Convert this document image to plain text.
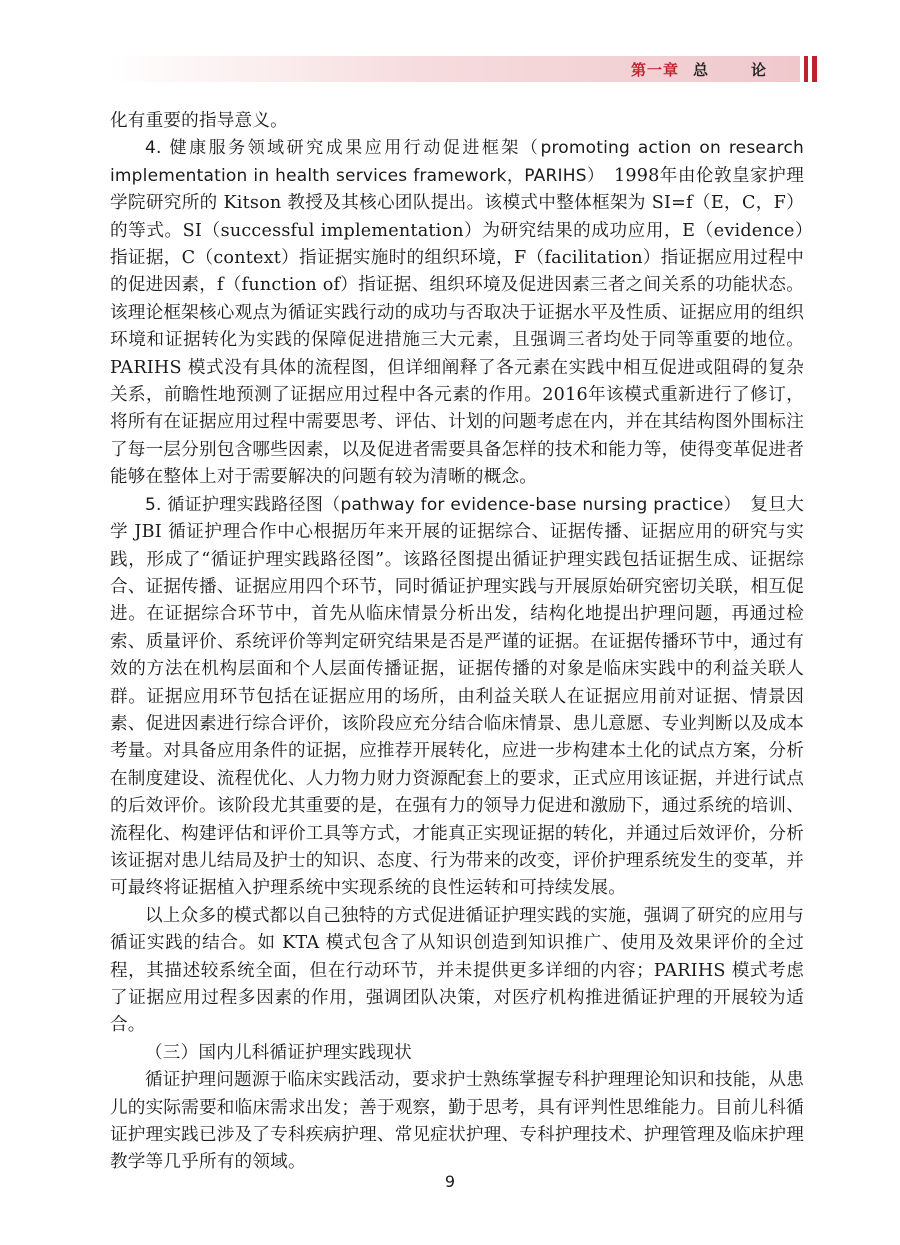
第一章 总　论

化有重要的指导意义。

4. 健康服务领域研究成果应用行动促进框架（promoting action on research implementation in health services framework，PARIHS）　 1998年由伦敦皇家护理学院研究所的 Kitson 教授及其核心团队提出。该模式中整体框架为 SI=f（E，C，F）的等式。SI（successful implementation）为研究结果的成功应用，E（evidence）指证据，C（context）指证据实施时的组织环境，F（facilitation）指证据应用过程中的促进因素，f（function of）指证据、组织环境及促进因素三者之间关系的功能状态。该理论框架核心观点为循证实践行动的成功与否取决于证据水平及性质、证据应用的组织环境和证据转化为实践的保障促进措施三大元素，且强调三者均处于同等重要的地位。PARIHS 模式没有具体的流程图，但详细阐释了各元素在实践中相互促进或阻碍的复杂关系，前瞻性地预测了证据应用过程中各元素的作用。2016年该模式重新进行了修订，将所有在证据应用过程中需要思考、评估、计划的问题考虑在内，并在其结构图外围标注了每一层分别包含哪些因素，以及促进者需要具备怎样的技术和能力等，使得变革促进者能够在整体上对于需要解决的问题有较为清晰的概念。

5. 循证护理实践路径图（pathway for evidence-base nursing practice）　 复旦大学 JBI 循证护理合作中心根据历年来开展的证据综合、证据传播、证据应用的研究与实践，形成了“循证护理实践路径图”。该路径图提出循证护理实践包括证据生成、证据综合、证据传播、证据应用四个环节，同时循证护理实践与开展原始研究密切关联，相互促进。在证据综合环节中，首先从临床情景分析出发，结构化地提出护理问题，再通过检索、质量评价、系统评价等判定研究结果是否是严谨的证据。在证据传播环节中，通过有效的方法在机构层面和个人层面传播证据，证据传播的对象是临床实践中的利益关联人群。证据应用环节包括在证据应用的场所，由利益关联人在证据应用前对证据、情景因素、促进因素进行综合评价，该阶段应充分结合临床情景、患儿意愿、专业判断以及成本考量。对具备应用条件的证据，应推荐开展转化，应进一步构建本土化的试点方案，分析在制度建设、流程优化、人力物力财力资源配套上的要求，正式应用该证据，并进行试点的后效评价。该阶段尤其重要的是，在强有力的领导力促进和激励下，通过系统的培训、流程化、构建评估和评价工具等方式，才能真正实现证据的转化，并通过后效评价，分析该证据对患儿结局及护士的知识、态度、行为带来的改变，评价护理系统发生的变革，并可最终将证据植入护理系统中实现系统的良性运转和可持续发展。

以上众多的模式都以自己独特的方式促进循证护理实践的实施，强调了研究的应用与循证实践的结合。如 KTA 模式包含了从知识创造到知识推广、使用及效果评价的全过程，其描述较系统全面，但在行动环节，并未提供更多详细的内容；PARIHS 模式考虑了证据应用过程多因素的作用，强调团队决策，对医疗机构推进循证护理的开展较为适合。

（三）国内儿科循证护理实践现状

循证护理问题源于临床实践活动，要求护士熟练掌握专科护理理论知识和技能，从患儿的实际需要和临床需求出发；善于观察，勤于思考，具有评判性思维能力。目前儿科循证护理实践已涉及了专科疾病护理、常见症状护理、专科护理技术、护理管理及临床护理教学等几乎所有的领域。

9
